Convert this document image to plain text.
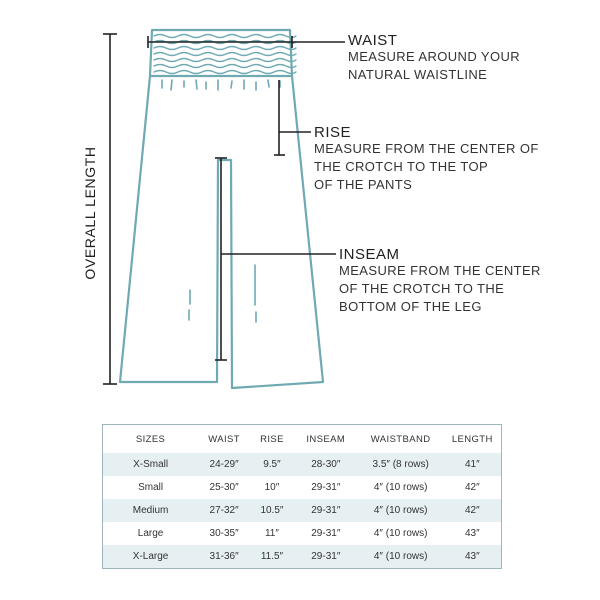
OVERALL LENGTH
WAIST
MEASURE AROUND YOUR
NATURAL WAISTLINE
RISE
MEASURE FROM THE CENTER OF
THE CROTCH TO THE TOP
OF THE PANTS
INSEAM
MEASURE FROM THE CENTER
OF THE CROTCH TO THE
BOTTOM OF THE LEG
SIZES	WAIST	RISE	INSEAM	WAISTBAND	LENGTH
X-Small	24-29″	9.5″	28-30″	3.5″ (8 rows)	41″
Small	25-30″	10″	29-31″	4″ (10 rows)	42″
Medium	27-32″	10.5″	29-31″	4″ (10 rows)	42″
Large	30-35″	11″	29-31″	4″ (10 rows)	43″
X-Large	31-36″	11.5″	29-31″	4″ (10 rows)	43″
